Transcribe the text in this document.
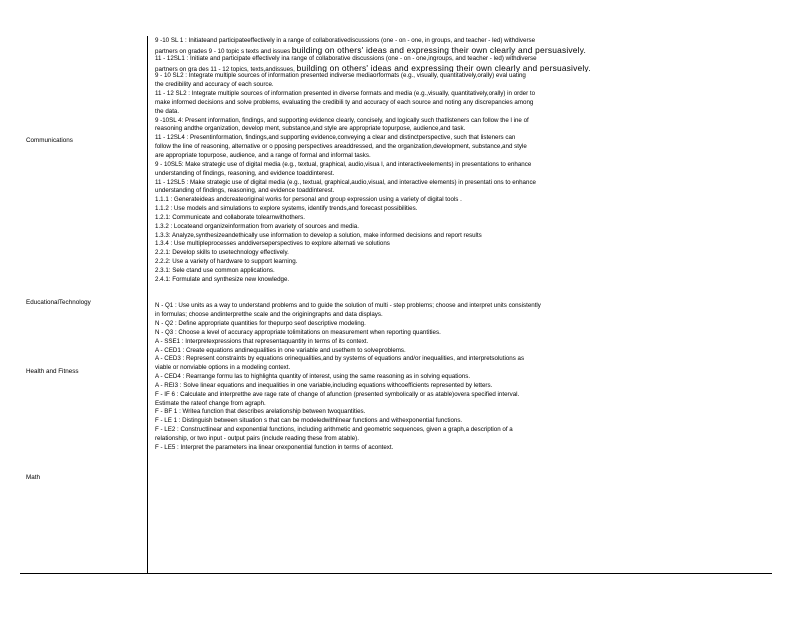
Communications
EducationalTechnology
Health and Fitness
Math
9 -10 SL 1 : Initiateand participateeffectively in a range of collaborativediscussions (one - on - one, in groups, and teacher - led) withdiverse
partners on grades 9 - 10 topic s texts and issues building on others' ideas and expressing their own clearly and persuasively.
11 - 12SL1 : Initiate and participate effectively ina range of collaborative discussions (one - on - one,ingroups, and teacher - led) withdiverse
partners on gra des 11 - 12 topics, texts,andissues, building on others' ideas and expressing their own clearly and persuasively.
9 - 10 SL2 : Integrate multiple sources of information presented indiverse mediaorformats (e.g., visually, quantitatively,orally) eval uating
the credibility and accuracy of each source.
11 - 12 SL2 : Integrate multiple sources of information presented in diverse formats and media (e.g.,visually, quantitatively,orally) in order to
make informed decisions and solve problems, evaluating the credibili ty and accuracy of each source and noting any discrepancies among
the data.
9 -10SL 4: Present information, findings, and supporting evidence clearly, concisely, and logically such thatlisteners can follow the l ine of
reasoning andthe organization, develop ment, substance,and style are appropriate topurpose, audience,and task.
11 - 12SL4 : Presentinformation, findings,and supporting evidence,conveying a clear and distinctperspective, such that listeners can
follow the line of reasoning, alternative or o pposing perspectives areaddressed, and the organization,development, substance,and style
are appropriate topurpose, audience, and a range of formal and informal tasks.
9 - 10SL5: Make strategic use of digital media (e.g., textual, graphical, audio,visua l, and interactiveelements) in presentations to enhance
understanding of findings, reasoning, and evidence toaddinterest.
11 - 12SL5 : Make strategic use of digital media (e.g., textual, graphical,audio,visual, and interactive elements) in presentati ons to enhance
understanding of findings, reasoning, and evidence toaddinterest.
1.1.1 : Generateideas andcreateoriginal works for personal and group expression using a variety of digital tools .
1.1.2 : Use models and simulations to explore systems, identify trends,and forecast possibilities.
1.2.1: Communicate and collaborate tolearnwithothers.
1.3.2 : Locateand organizeinformation from avariety of sources and media.
1.3.3: Analyze,synthesizeandethically use information to develop a solution, make informed decisions and report results
1.3.4 : Use multipleprocesses anddiverseperspectives to explore alternati ve solutions
2.2.1: Develop skills to usetechnology effectively.
2.2.2: Use a variety of hardware to support learning.
2.3.1: Sele ctand use common applications.
2.4.1: Formulate and synthesize new knowledge.
N - Q1 : Use units as a way to understand problems and to guide the solution of multi - step problems; choose and interpret units consistently
in formulas; choose andinterpretthe scale and the originingraphs and data displays.
N - Q2 : Define appropriate quantities for thepurpo seof descriptive modeling.
N - Q3 : Choose a level of accuracy appropriate tolimitations on measurement when reporting quantities.
A - SSE1 : Interpretexpressions that representaquantity in terms of its context.
A - CED1 : Create equations andinequalities in one variable and usethem to solveproblems.
A - CED3 : Represent constraints by equations orinequalities,and by systems of equations and/or inequalities, and interpretsolutions as
viable or nonviable options in a modeling context.
A - CED4 : Rearrange formu las to highlighta quantity of interest, using the same reasoning as in solving equations.
A - REI3 : Solve linear equations and inequalities in one variable,including equations withcoefficients represented by letters.
F - IF 6 : Calculate and interpretthe ave rage rate of change of afunction (presented symbolically or as atable)overa specified interval.
Estimate the rateof change from agraph.
F - BF 1 : Writea function that describes arelationship between twoquantities.
F - LE 1 : Distinguish between situation s that can be modeledwithlinear functions and withexponential functions.
F - LE2 : Constructlinear and exponential functions, including arithmetic and geometric sequences, given a graph,a description of a
relationship, or two input - output pairs (include reading these from atable).
F - LE5 : Interpret the parameters ina linear orexponential function in terms of acontext.
